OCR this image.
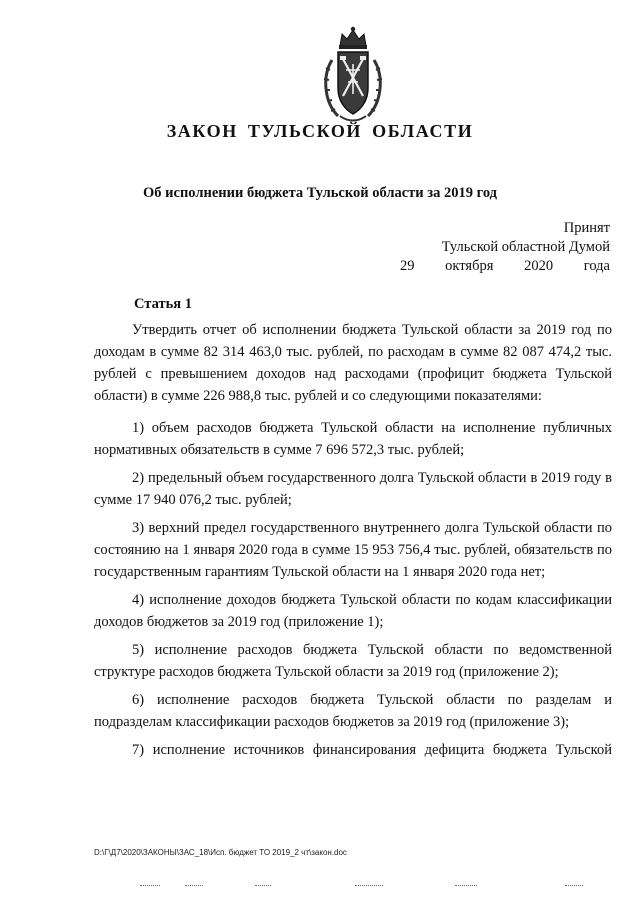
ЗАКОН ТУЛЬСКОЙ ОБЛАСТИ
Об исполнении бюджета Тульской области за 2019 год
Принят
Тульской областной Думой
29 октября 2020 года
Статья 1

Утвердить отчет об исполнении бюджета Тульской области за 2019 год по доходам в сумме 82 314 463,0 тыс. рублей, по расходам в сумме 82 087 474,2 тыс. рублей с превышением доходов над расходами (профицит бюджета Тульской области) в сумме 226 988,8 тыс. рублей и со следующими показателями:

1) объем расходов бюджета Тульской области на исполнение публичных нормативных обязательств в сумме 7 696 572,3 тыс. рублей;

2) предельный объем государственного долга Тульской области в 2019 году в сумме 17 940 076,2 тыс. рублей;

3) верхний предел государственного внутреннего долга Тульской области по состоянию на 1 января 2020 года в сумме 15 953 756,4 тыс. рублей, обязательств по государственным гарантиям Тульской области на 1 января 2020 года нет;

4) исполнение доходов бюджета Тульской области по кодам классификации доходов бюджетов за 2019 год (приложение 1);

5) исполнение расходов бюджета Тульской области по ведомственной структуре расходов бюджета Тульской области за 2019 год (приложение 2);

6) исполнение расходов бюджета Тульской области по разделам и подразделам классификации расходов бюджетов за 2019 год (приложение 3);

7) исполнение источников финансирования дефицита бюджета Тульской

D:\Г\Д7\2020\ЗАКОНЫ\ЗАС_18\Исп. бюджет ТО 2019_2 чт\закон.doc
